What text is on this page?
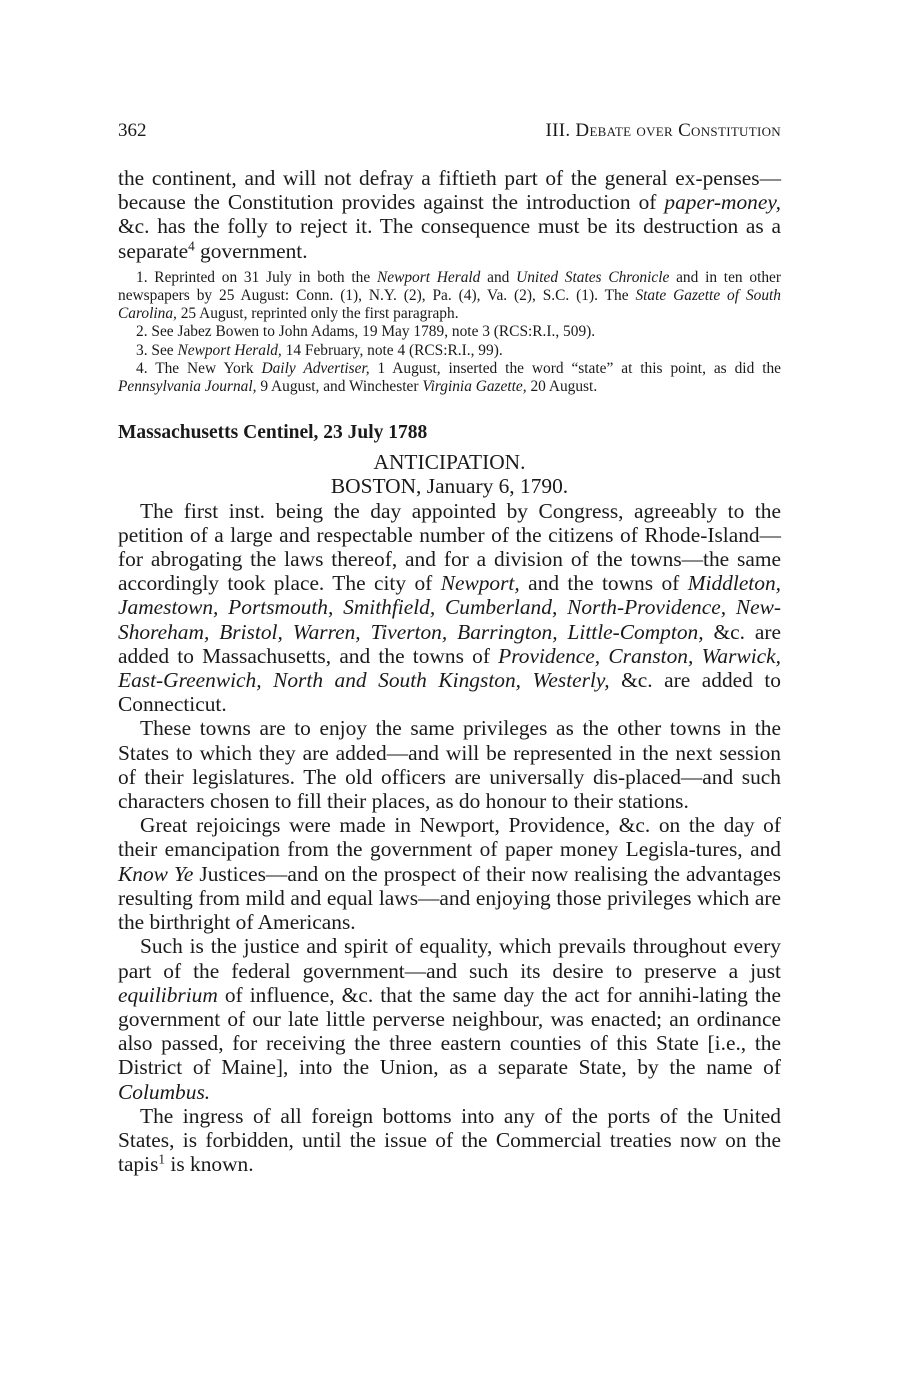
362	III. Debate over Constitution

the continent, and will not defray a fiftieth part of the general ex-penses—because the Constitution provides against the introduction of paper-money, &c. has the folly to reject it. The consequence must be its destruction as a separate$^4$ government.

1. Reprinted on 31 July in both the Newport Herald and United States Chronicle and in ten other newspapers by 25 August: Conn. (1), N.Y. (2), Pa. (4), Va. (2), S.C. (1). The State Gazette of South Carolina, 25 August, reprinted only the first paragraph.

2. See Jabez Bowen to John Adams, 19 May 1789, note 3 (RCS:R.I., 509).

3. See Newport Herald, 14 February, note 4 (RCS:R.I., 99).

4. The New York Daily Advertiser, 1 August, inserted the word “state” at this point, as did the Pennsylvania Journal, 9 August, and Winchester Virginia Gazette, 20 August.

Massachusetts Centinel, 23 July 1788
ANTICIPATION.
BOSTON, January 6, 1790.

The first inst. being the day appointed by Congress, agreeably to the petition of a large and respectable number of the citizens of Rhode-Island—for abrogating the laws thereof, and for a division of the towns—the same accordingly took place. The city of Newport, and the towns of Middleton, Jamestown, Portsmouth, Smithfield, Cumberland, North-Providence, New-Shoreham, Bristol, Warren, Tiverton, Barrington, Little-Compton, &c. are added to Massachusetts, and the towns of Providence, Cranston, Warwick, East-Greenwich, North and South Kingston, Westerly, &c. are added to Connecticut.

These towns are to enjoy the same privileges as the other towns in the States to which they are added—and will be represented in the next session of their legislatures. The old officers are universally dis-placed—and such characters chosen to fill their places, as do honour to their stations.

Great rejoicings were made in Newport, Providence, &c. on the day of their emancipation from the government of paper money Legisla-tures, and Know Ye Justices—and on the prospect of their now realising the advantages resulting from mild and equal laws—and enjoying those privileges which are the birthright of Americans.

Such is the justice and spirit of equality, which prevails throughout every part of the federal government—and such its desire to preserve a just equilibrium of influence, &c. that the same day the act for annihi-lating the government of our late little perverse neighbour, was enacted; an ordinance also passed, for receiving the three eastern counties of this State [i.e., the District of Maine], into the Union, as a separate State, by the name of Columbus.

The ingress of all foreign bottoms into any of the ports of the United States, is forbidden, until the issue of the Commercial treaties now on the tapis$^1$ is known.
